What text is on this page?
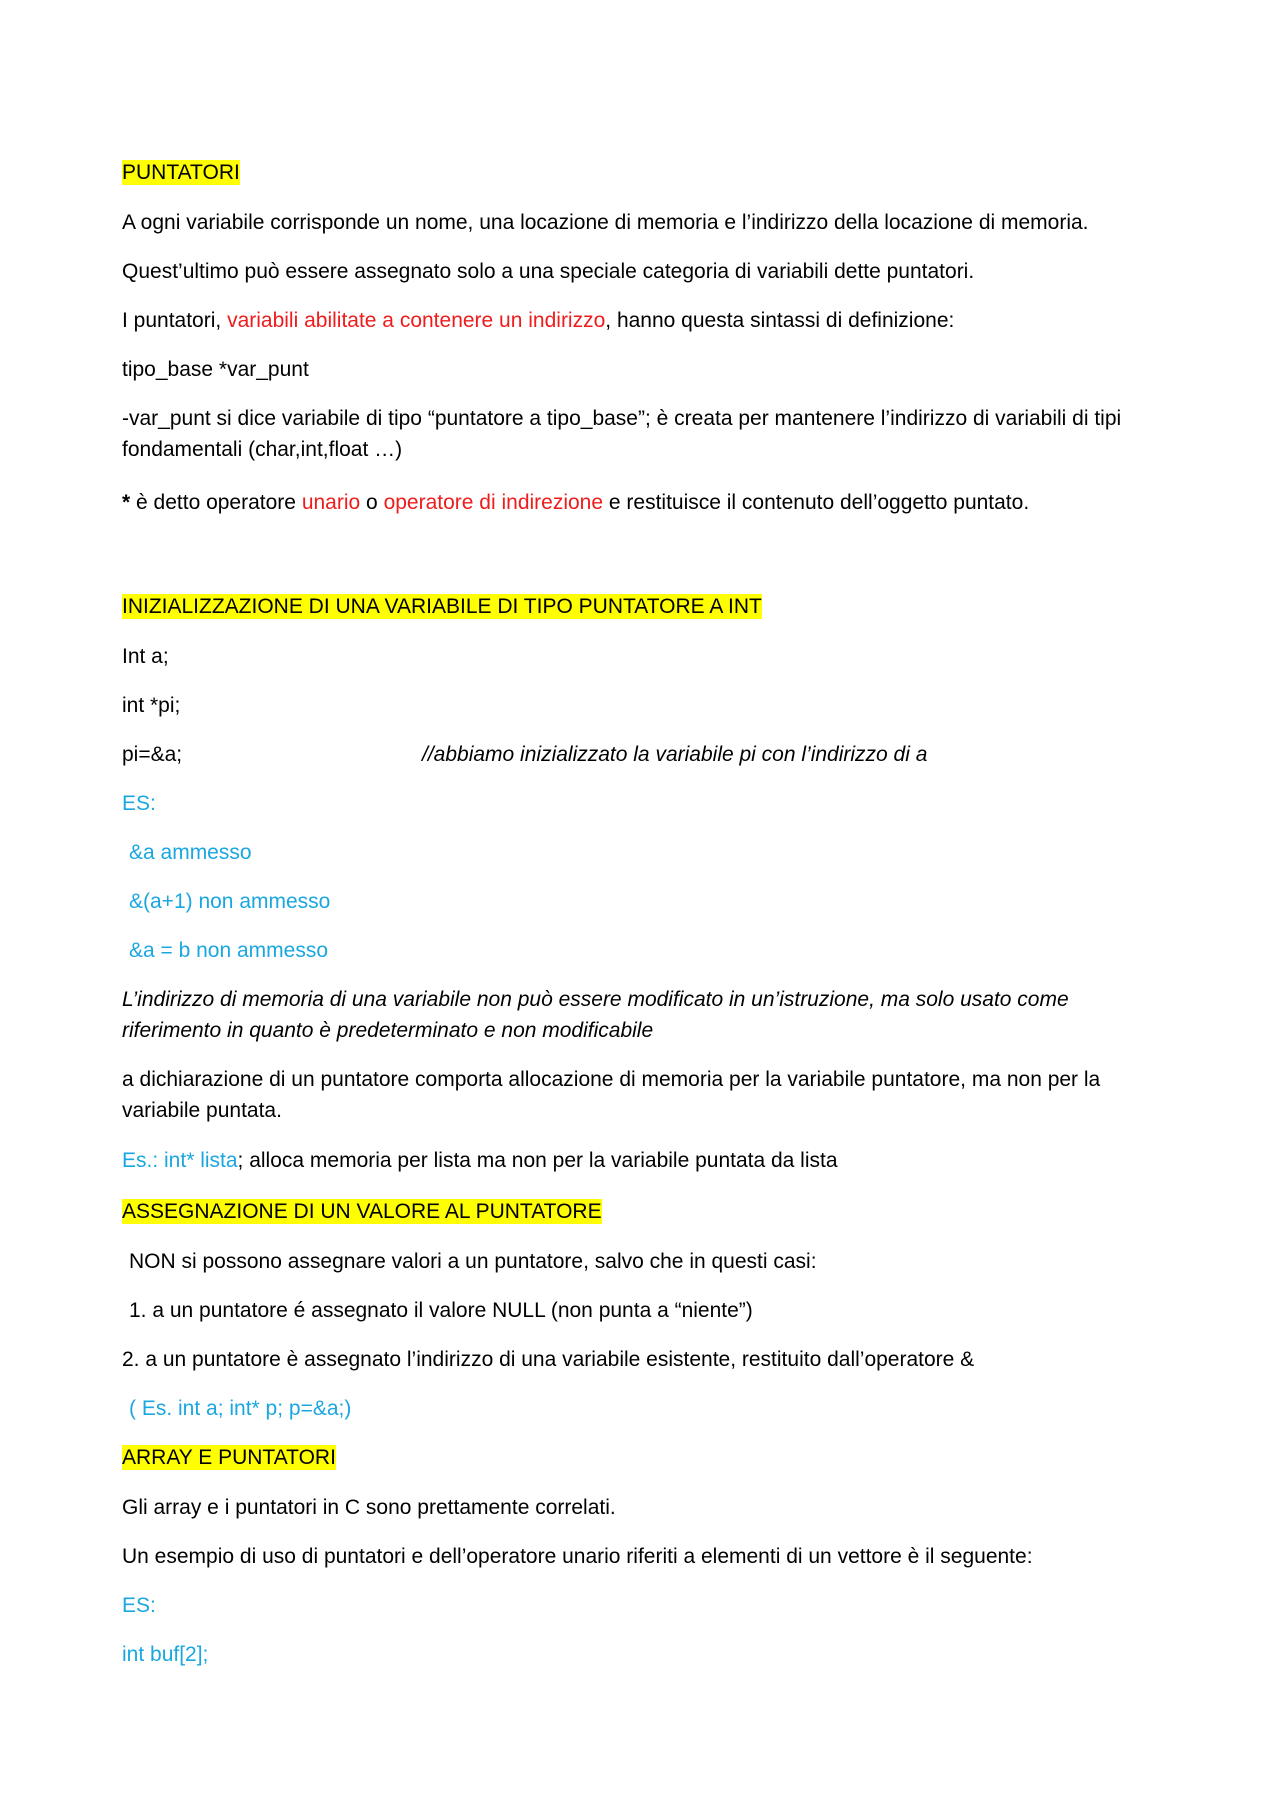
PUNTATORI
A ogni variabile corrisponde un nome, una locazione di memoria e l’indirizzo della locazione di memoria.
Quest’ultimo può essere assegnato solo a una speciale categoria di variabili dette puntatori.
I puntatori, variabili abilitate a contenere un indirizzo, hanno questa sintassi di definizione:
tipo_base *var_punt
-var_punt si dice variabile di tipo “puntatore a tipo_base”; è creata per mantenere l’indirizzo di variabili di tipi fondamentali (char,int,float …)
* è detto operatore unario o operatore di indirezione e restituisce il contenuto dell’oggetto puntato.
INIZIALIZZAZIONE DI UNA VARIABILE DI TIPO PUNTATORE A INT
Int a;
int *pi;
pi=&a;	//abbiamo inizializzato la variabile pi con l’indirizzo di a
ES:
&a ammesso
&(a+1) non ammesso
&a = b non ammesso
L’indirizzo di memoria di una variabile non può essere modificato in un’istruzione, ma solo usato come riferimento in quanto è predeterminato e non modificabile
a dichiarazione di un puntatore comporta allocazione di memoria per la variabile puntatore, ma non per la variabile puntata.
Es.: int* lista; alloca memoria per lista ma non per la variabile puntata da lista
ASSEGNAZIONE DI UN VALORE AL PUNTATORE
NON si possono assegnare valori a un puntatore, salvo che in questi casi:
1. a un puntatore é assegnato il valore NULL (non punta a “niente”)
2. a un puntatore è assegnato l’indirizzo di una variabile esistente, restituito dall’operatore &
( Es. int a; int* p; p=&a;)
ARRAY E PUNTATORI
Gli array e i puntatori in C sono prettamente correlati.
Un esempio di uso di puntatori e dell’operatore unario riferiti a elementi di un vettore è il seguente:
ES:
int buf[2];
